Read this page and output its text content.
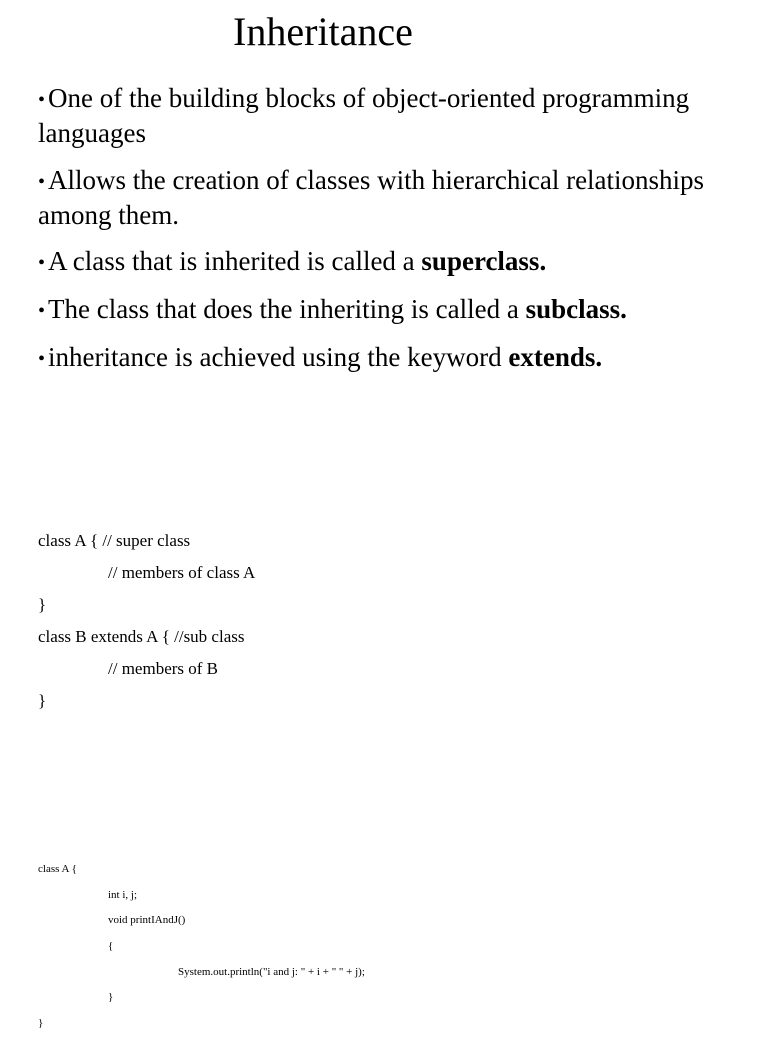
Inheritance
• One of the building blocks of object-oriented programming languages
• Allows the creation of classes with hierarchical relationships among them.
• A class that is inherited is called a superclass.
• The class that does the inheriting is called a subclass.
• inheritance is achieved using the keyword extends.
class A { // super class
// members of class A
}
class B extends A { //sub class
// members of B
}
class A {
int i, j;
void printIAndJ()
{
System.out.println("i and j: " + i + " " + j);
}
}
